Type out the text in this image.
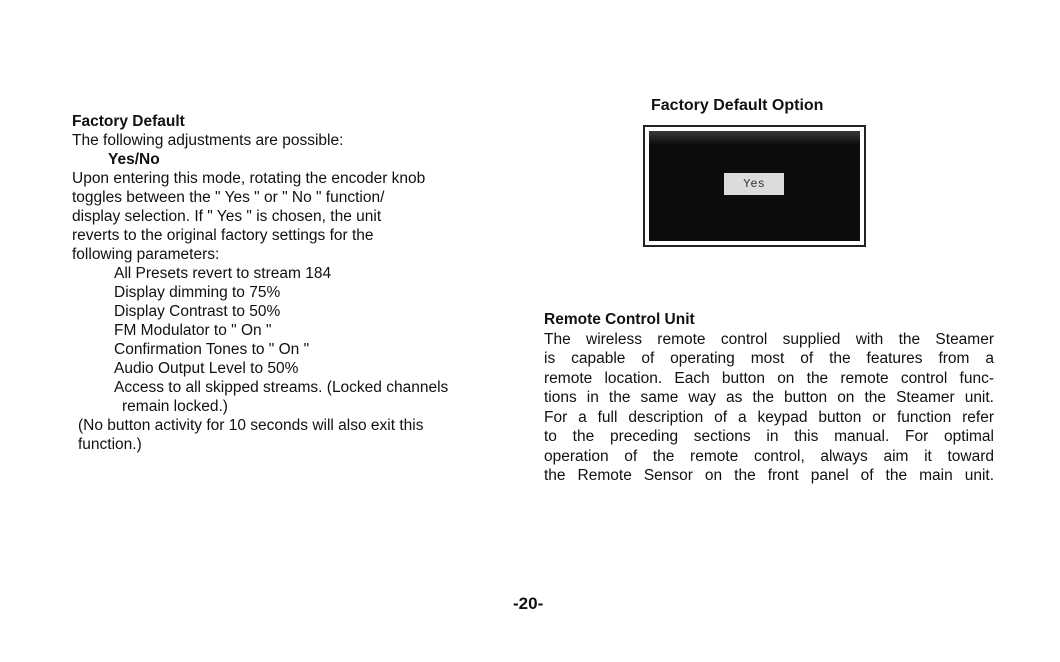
Factory Default
The following adjustments are possible:
Yes/No
Upon entering this mode, rotating the encoder knob
toggles between the " Yes " or " No " function/
display selection. If " Yes " is chosen, the unit
reverts to the original factory settings for the
following parameters:
All Presets revert to stream 184
Display dimming to 75%
Display Contrast to 50%
FM Modulator to " On "
Confirmation Tones to " On "
Audio Output Level to 50%
Access to all skipped streams. (Locked channels
remain locked.)
(No button activity for 10 seconds will also exit this
function.)
Factory Default Option
Yes
Remote Control Unit
The wireless remote control supplied with the Steamer
is capable of operating most of the features from a
remote location. Each button on the remote control func-
tions in the same way as the button on the Steamer unit.
For a full description of a keypad button or function refer
to the preceding sections in this manual. For optimal
operation of the remote control, always aim it toward
the Remote Sensor on the front panel of the main unit.
-20-
